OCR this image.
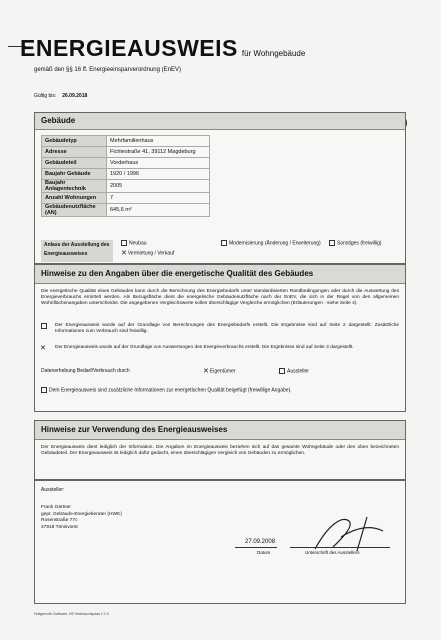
ENERGIEAUSWEIS für Wohngebäude
gemäß den §§ 16 ff. Energieeinsparverordnung (EnEV)
Gültig bis: 26.09.2018
Gebäude
Gebäudetyp	Mehrfamilienhaus
Adresse	Fichtestraße 41, 39112 Magdeburg
Gebäudeteil	Vorderhaus
Baujahr Gebäude	1920 / 1996
Baujahr Anlagentechnik	2005
Anzahl Wohnungen	7
Gebäudenutzfläche (AN)	645,6 m²
Anlass der Ausstellung des Energieausweises
Neubau
✕Vermietung / Verkauf
Modernisierung (Änderung / Erweiterung)	Sonstiges (freiwillig)
Hinweise zu den Angaben über die energetische Qualität des Gebäudes
Die energetische Qualität eines Gebäudes kann durch die Berechnung des Energiebedarfs unter standardisierten Randbedingungen oder durch die Auswertung des Energieverbrauchs ermittelt werden. Als Bezugsfläche dient die energetische Gebäudenutzfläche nach der EnEV, die sich in der Regel von den allgemeinen Wohnflächenangaben unterscheidet. Die angegebenen Vergleichswerte sollen überschlägige Vergleiche ermöglichen (Erläuterungen - siehe Seite 4).
Der Energieausweis wurde auf der Grundlage von Berechnungen des Energiebedarfs erstellt. Die Ergebnisse sind auf Seite 2 dargestellt. Zusätzliche Informationen zum Verbrauch sind freiwillig.
Der Energieausweis wurde auf der Grundlage von Auswertungen des Energieverbrauchs erstellt. Die Ergebnisse sind auf Seite 3 dargestellt.
✕
Datenerhebung Bedarf/Verbrauch durch	✕Eigentümer	Aussteller
Dem Energieausweis sind zusätzliche Informationen zur energetischen Qualität beigefügt (freiwillige Angabe).
Hinweise zur Verwendung des Energieausweises
Der Energieausweis dient lediglich der Information. Die Angaben im Energieausweis beziehen sich auf das gesamte Wohngebäude oder den oben bezeichneten Gebäudeteil. Der Energieausweis ist lediglich dafür gedacht, einen überschlägigen Vergleich von Gebäuden zu ermöglichen.
Aussteller:
Frank Gärtner
gepr. Gebäude-Energieberater (HWK)
Rosenstraße 77c
47918 Tönisvorst
27.09.2008
Datum	Unterschrift des Ausstellers
Hottgenroth Software, HS Verbrauchspass 2.1.0
